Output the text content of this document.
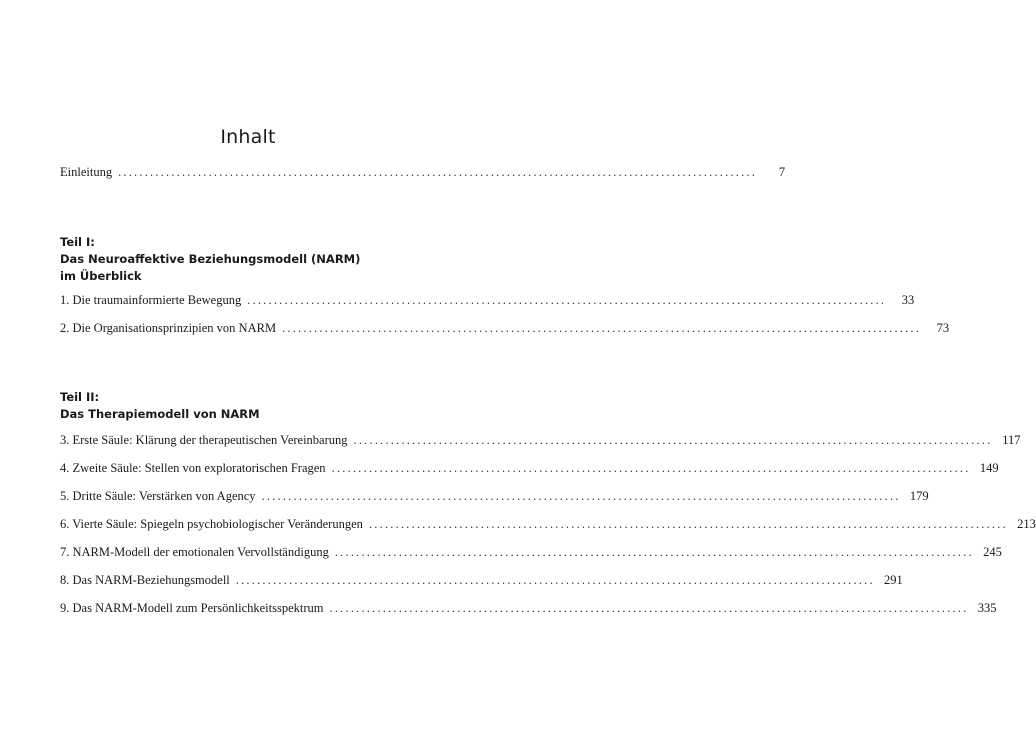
Inhalt
Einleitung ........................................................................................................................	7
Teil I:
Das Neuroaffektive Beziehungsmodell (NARM)
im Überblick
1. Die traumainformierte Bewegung ........................................................................................................................	33
2. Die Organisationsprinzipien von NARM ........................................................................................................................	73
Teil II:
Das Therapiemodell von NARM
3. Erste Säule: Klärung der therapeutischen Vereinbarung ........................................................................................................................ 117
4. Zweite Säule: Stellen von exploratorischen Fragen ........................................................................................................................ 149
5. Dritte Säule: Verstärken von Agency ........................................................................................................................ 179
6. Vierte Säule: Spiegeln psychobiologischer Veränderungen ........................................................................................................................ 213
7. NARM-Modell der emotionalen Vervollständigung ........................................................................................................................ 245
8. Das NARM-Beziehungsmodell ........................................................................................................................ 291
9. Das NARM-Modell zum Persönlichkeitsspektrum ........................................................................................................................ 335
